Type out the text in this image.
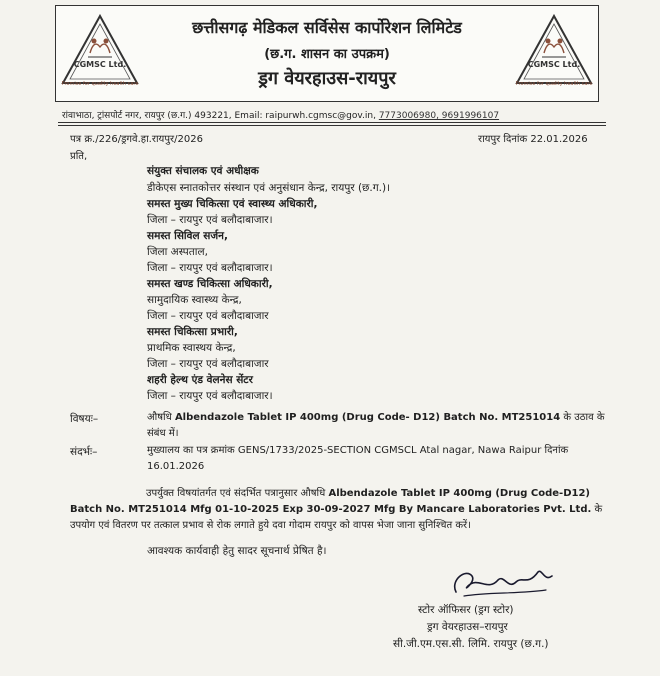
CGMSC Ltd.
Promise for quality health care
छत्तीसगढ़ मेडिकल सर्विसेस कार्पोरेशन लिमिटेड
(छ.ग. शासन का उपक्रम)
ड्रग वेयरहाउस-रायपुर
CGMSC Ltd.
Promise for quality health care
रांवाभाठा, ट्रांसपोर्ट नगर, रायपुर (छ.ग.) 493221, Email: raipurwh.cgmsc@gov.in, 7773006980, 9691996107
पत्र क्र./226/ड्रगवे.हा.रायपुर/2026	रायपुर दिनांक 22.01.2026
प्रति,
संयुक्त संचालक एवं अधीक्षक
डीकेएस स्नातकोत्तर संस्थान एवं अनुसंधान केन्द्र, रायपुर (छ.ग.)।
समस्त मुख्य चिकित्सा एवं स्वास्थ्य अधिकारी,
जिला – रायपुर एवं बलौदाबाजार।
समस्त सिविल सर्जन,
जिला अस्पताल,
जिला – रायपुर एवं बलौदाबाजार।
समस्त खण्ड चिकित्सा अधिकारी,
सामुदायिक स्वास्थ्य केन्द्र,
जिला – रायपुर एवं बलौदाबाजार
समस्त चिकित्सा प्रभारी,
प्राथमिक स्वास्थय केन्द्र,
जिला – रायपुर एवं बलौदाबाजार
शहरी हेल्थ एंड वेलनेस सेंटर
जिला – रायपुर एवं बलौदाबाजार।
विषयः–	औषधि Albendazole Tablet IP 400mg (Drug Code- D12) Batch No. MT251014 के उठाव के संबंध में।
संदर्भः–	मुख्यालय का पत्र क्रमांक GENS/1733/2025-SECTION CGMSCL Atal nagar, Nawa Raipur दिनांक 16.01.2026
उपर्युक्त विषयांतर्गत एवं संदर्भित पत्रानुसार औषधि Albendazole Tablet IP 400mg (Drug Code-D12) Batch No. MT251014 Mfg 01-10-2025 Exp 30-09-2027 Mfg By Mancare Laboratories Pvt. Ltd. के उपयोग एवं वितरण पर तत्काल प्रभाव से रोक लगाते हुये दवा गोदाम रायपुर को वापस भेजा जाना सुनिश्चित करें।
आवश्यक कार्यवाही हेतु सादर सूचनार्थ प्रेषित है।
स्टोर ऑफिसर (ड्रग स्टोर)
ड्रग वेयरहाउस–रायपुर
सी.जी.एम.एस.सी. लिमि. रायपुर (छ.ग.)
